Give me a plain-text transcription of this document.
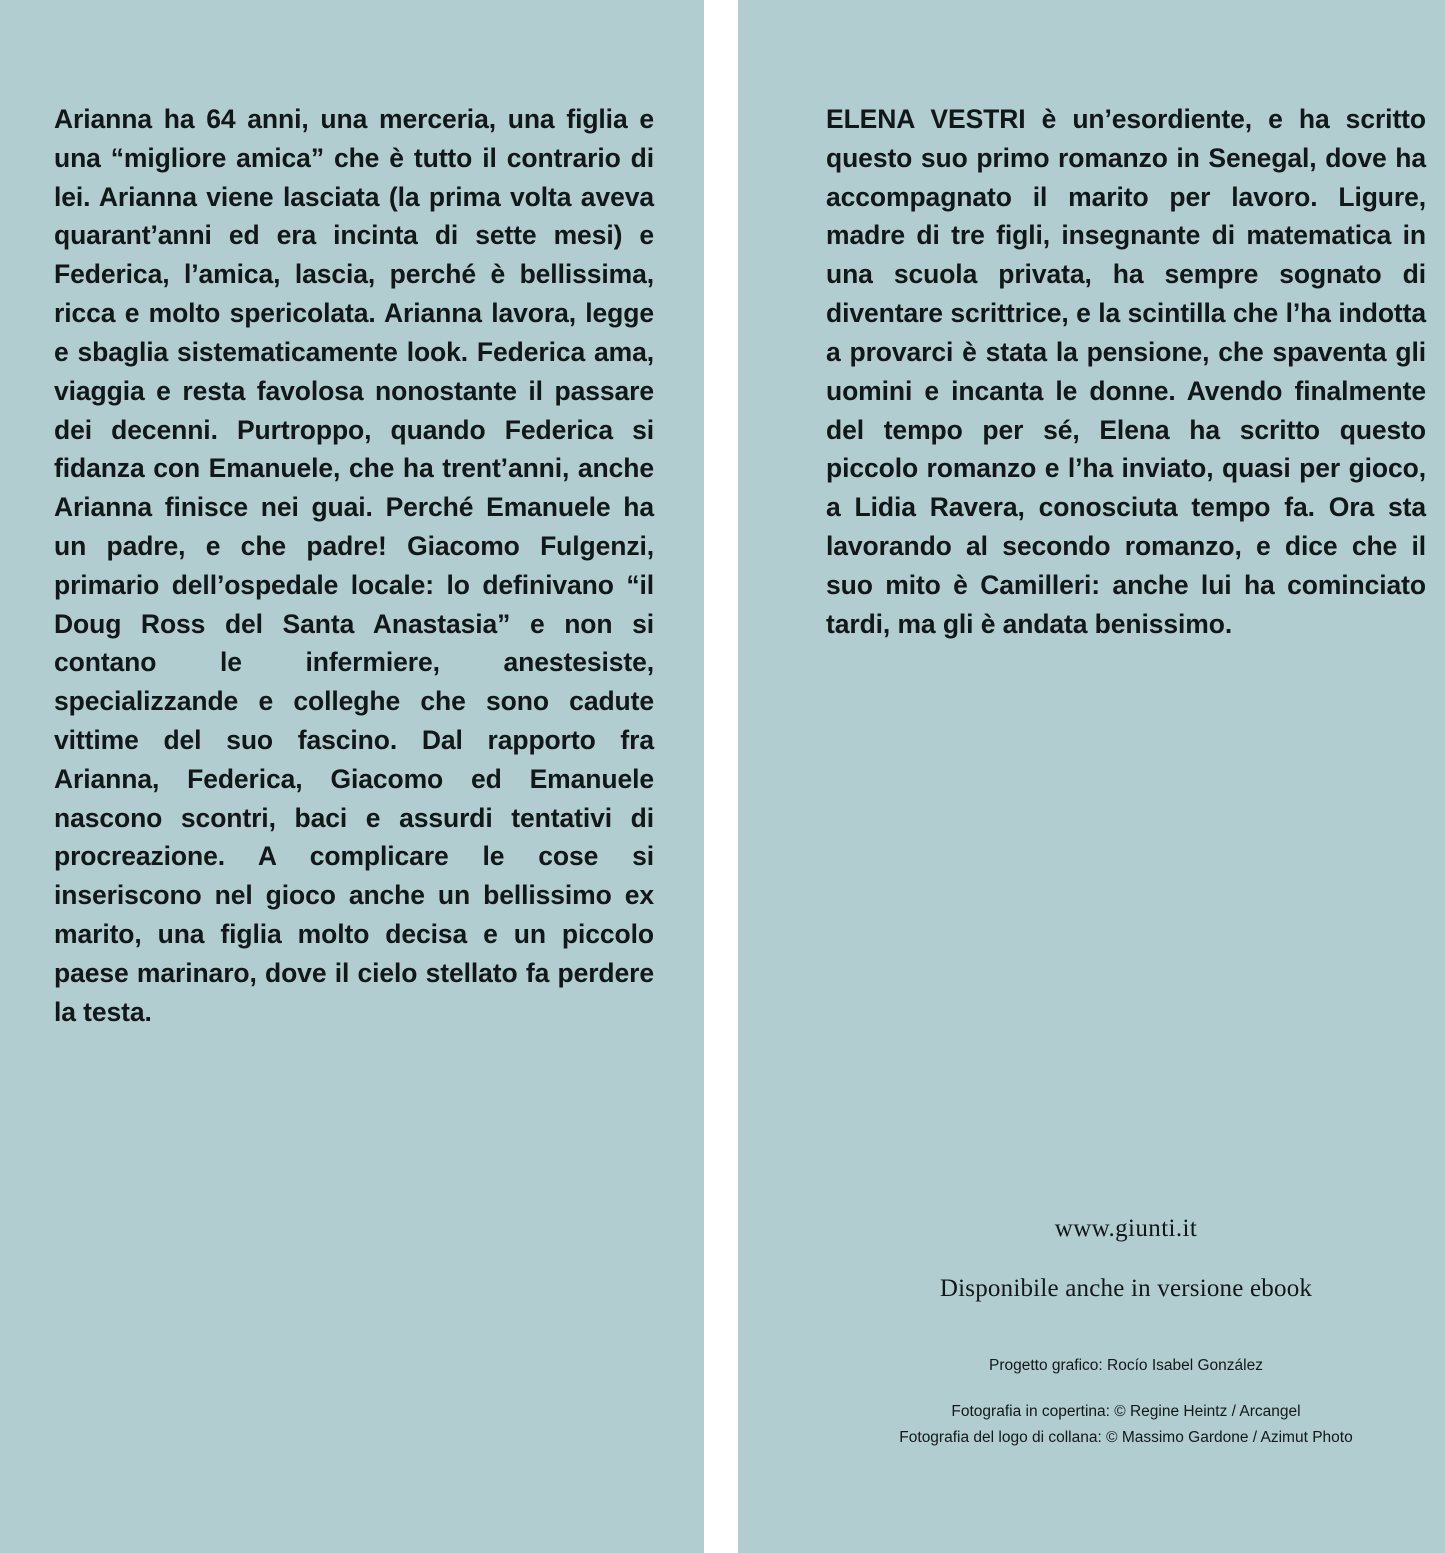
Arianna ha 64 anni, una merceria, una figlia e una “migliore amica” che è tutto il contrario di lei. Arianna viene lasciata (la prima volta aveva quarant’anni ed era incinta di sette mesi) e Federica, l’amica, lascia, perché è bellissima, ricca e molto spericolata. Arianna lavora, legge e sbaglia sistematicamente look. Federica ama, viaggia e resta favolosa nonostante il passare dei decenni. Purtroppo, quando Federica si fidanza con Emanuele, che ha trent’anni, anche Arianna finisce nei guai. Perché Emanuele ha un padre, e che padre! Giacomo Fulgenzi, primario dell’ospedale locale: lo definivano “il Doug Ross del Santa Anastasia” e non si contano le infermiere, anestesiste, specializzande e colleghe che sono cadute vittime del suo fascino. Dal rapporto fra Arianna, Federica, Giacomo ed Emanuele nascono scontri, baci e assurdi tentativi di procreazione. A complicare le cose si inseriscono nel gioco anche un bellissimo ex marito, una figlia molto decisa e un piccolo paese marinaro, dove il cielo stellato fa perdere la testa.
ELENA VESTRI è un’esordiente, e ha scritto questo suo primo romanzo in Senegal, dove ha accompagnato il marito per lavoro. Ligure, madre di tre figli, insegnante di matematica in una scuola privata, ha sempre sognato di diventare scrittrice, e la scintilla che l’ha indotta a provarci è stata la pensione, che spaventa gli uomini e incanta le donne. Avendo finalmente del tempo per sé, Elena ha scritto questo piccolo romanzo e l’ha inviato, quasi per gioco, a Lidia Ravera, conosciuta tempo fa. Ora sta lavorando al secondo romanzo, e dice che il suo mito è Camilleri: anche lui ha cominciato tardi, ma gli è andata benissimo.
www.giunti.it
Disponibile anche in versione ebook
Progetto grafico: Rocío Isabel González
Fotografia in copertina: © Regine Heintz / Arcangel
Fotografia del logo di collana: © Massimo Gardone / Azimut Photo
